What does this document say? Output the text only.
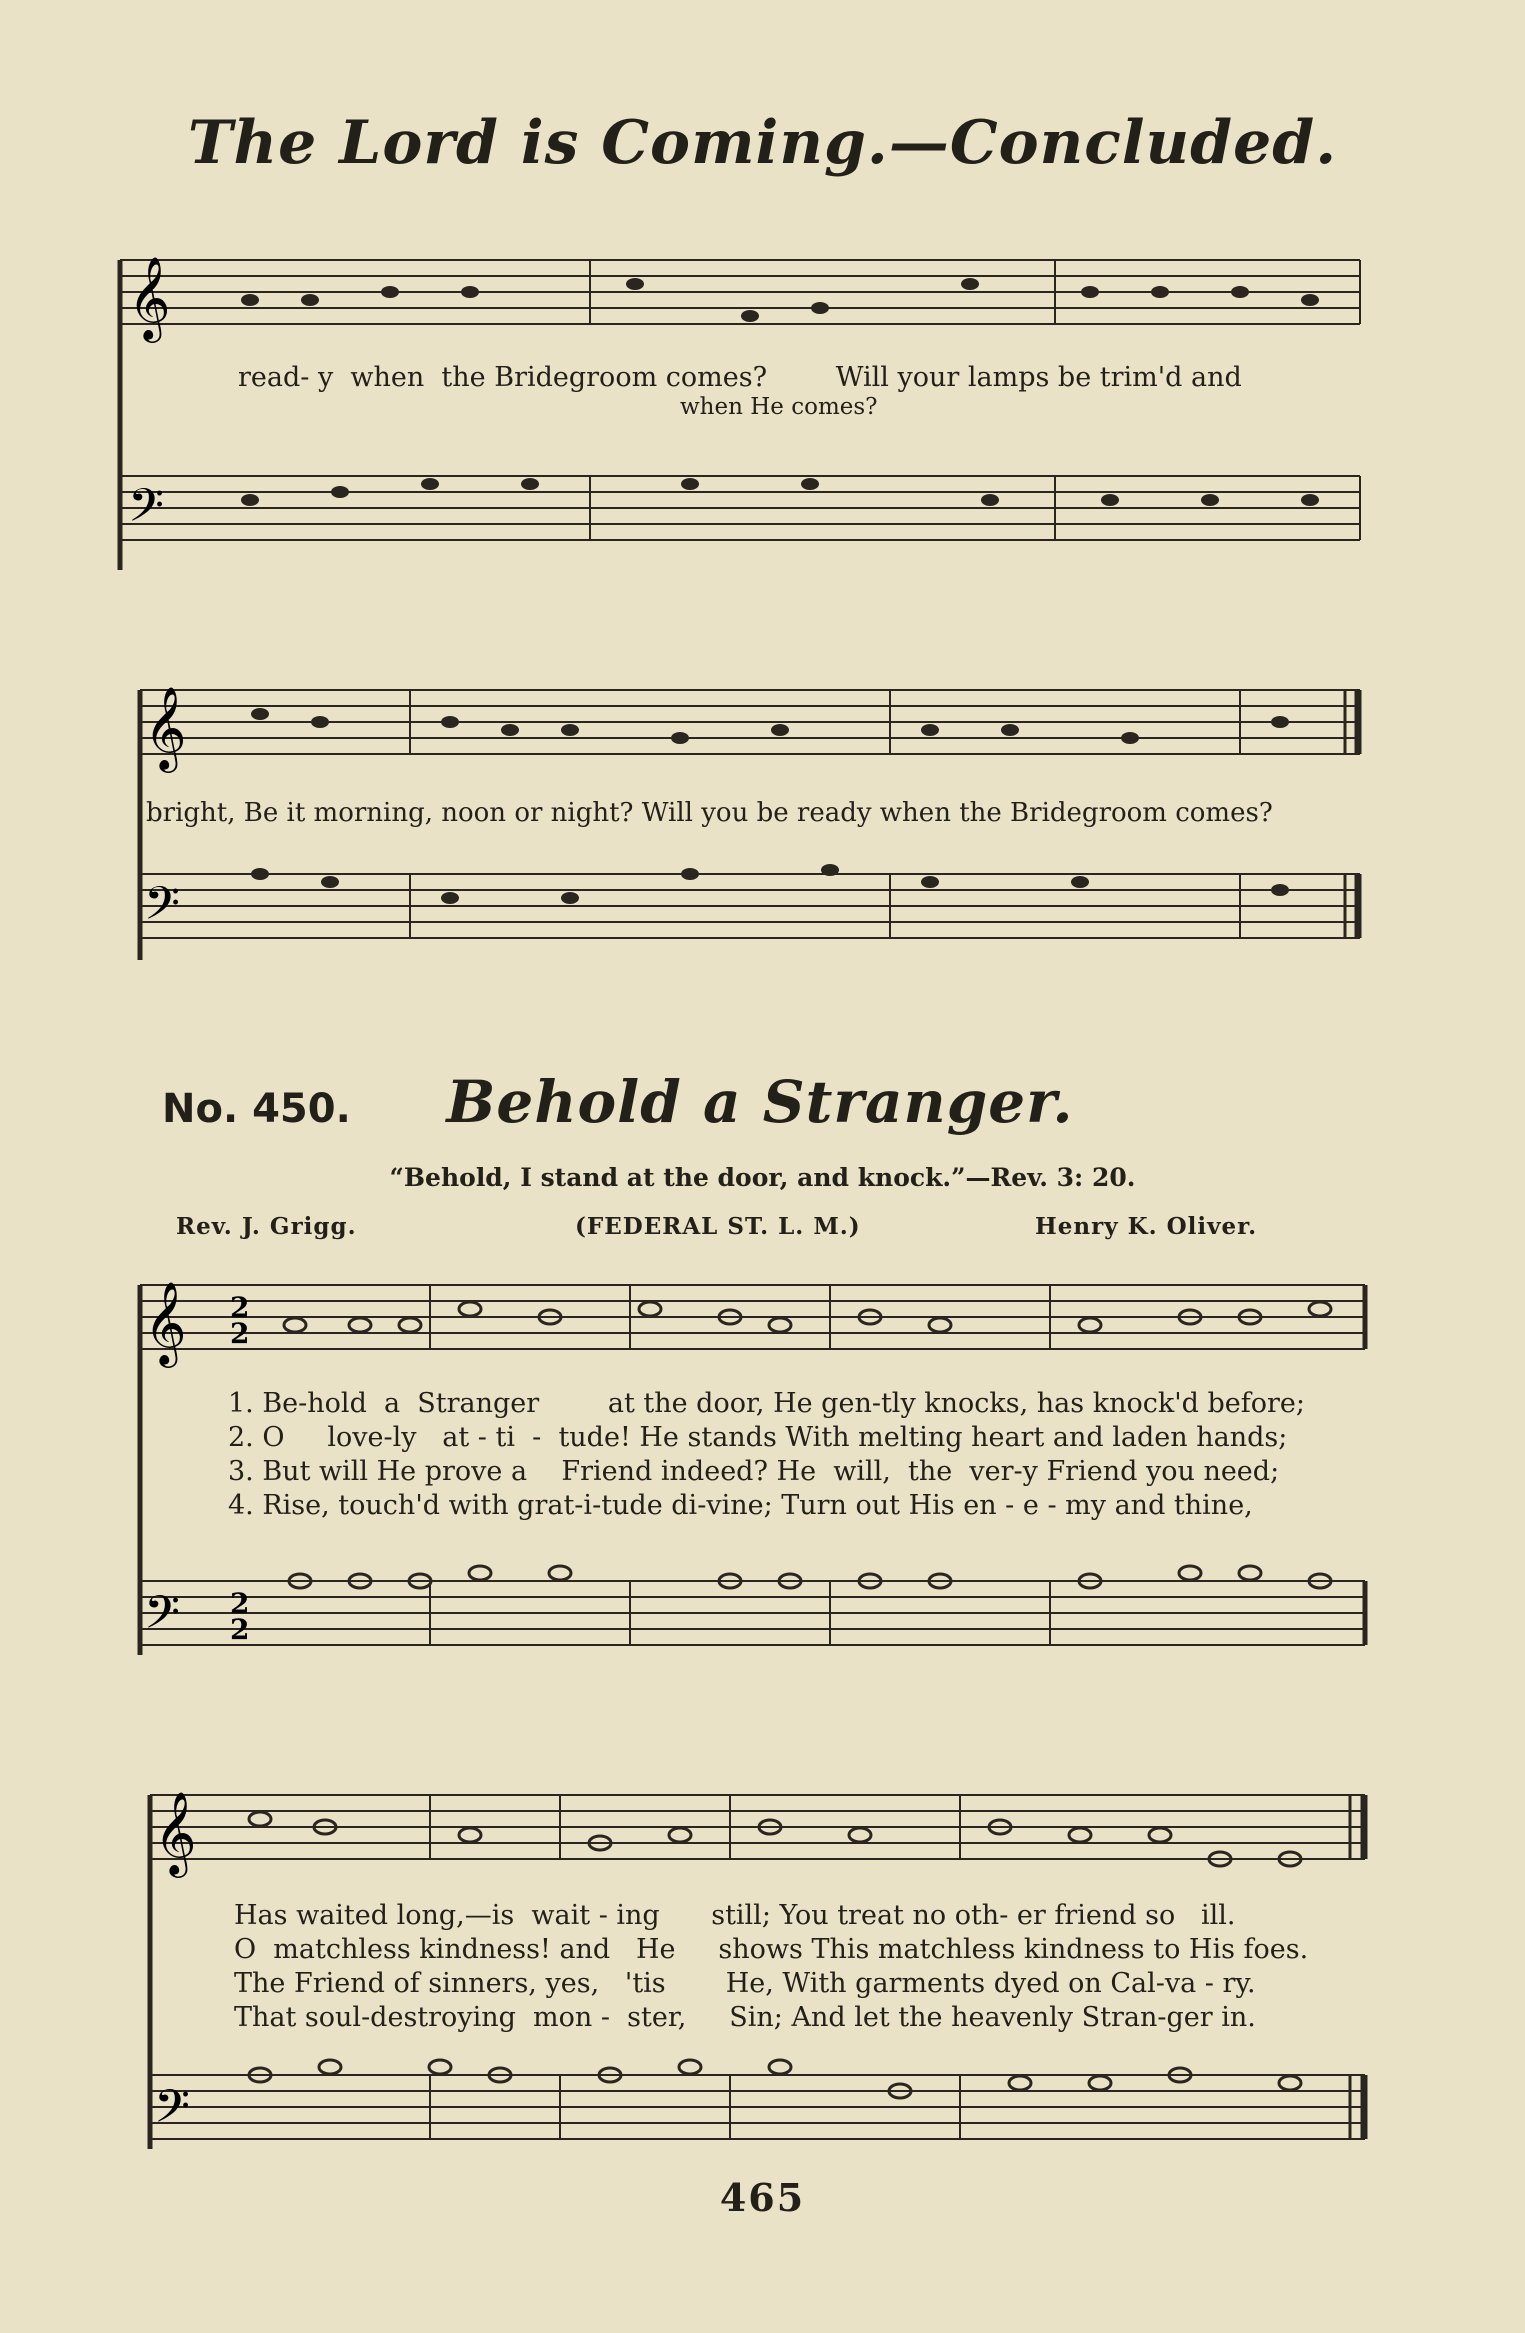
The Lord is Coming.—Concluded.
𝄞
𝄢
read- y  when  the Bridegroom comes?        Will your lamps be trim'd and
when He comes?
𝄞
𝄢
bright, Be it morning, noon or night? Will you be ready when the Bridegroom comes?
No. 450.	Behold a Stranger.
“Behold, I stand at the door, and knock.”—Rev. 3: 20.
Rev. J. Grigg.	(FEDERAL ST. L. M.)	Henry K. Oliver.
𝄞
𝄢
2
2
2
2
1. Be-hold  a  Stranger        at the door, He gen-tly knocks, has knock'd before;
2. O     love-ly   at - ti  -  tude! He stands With melting heart and laden hands;
3. But will He prove a    Friend indeed? He  will,  the  ver-y Friend you need;
4. Rise, touch'd with grat-i-tude di-vine; Turn out His en - e - my and thine,
𝄞
𝄢
Has waited long,—is  wait - ing      still; You treat no oth- er friend so   ill.
O  matchless kindness! and   He     shows This matchless kindness to His foes.
The Friend of sinners, yes,   'tis       He, With garments dyed on Cal-va - ry.
That soul-destroying  mon -  ster,     Sin; And let the heavenly Stran-ger in.
465
